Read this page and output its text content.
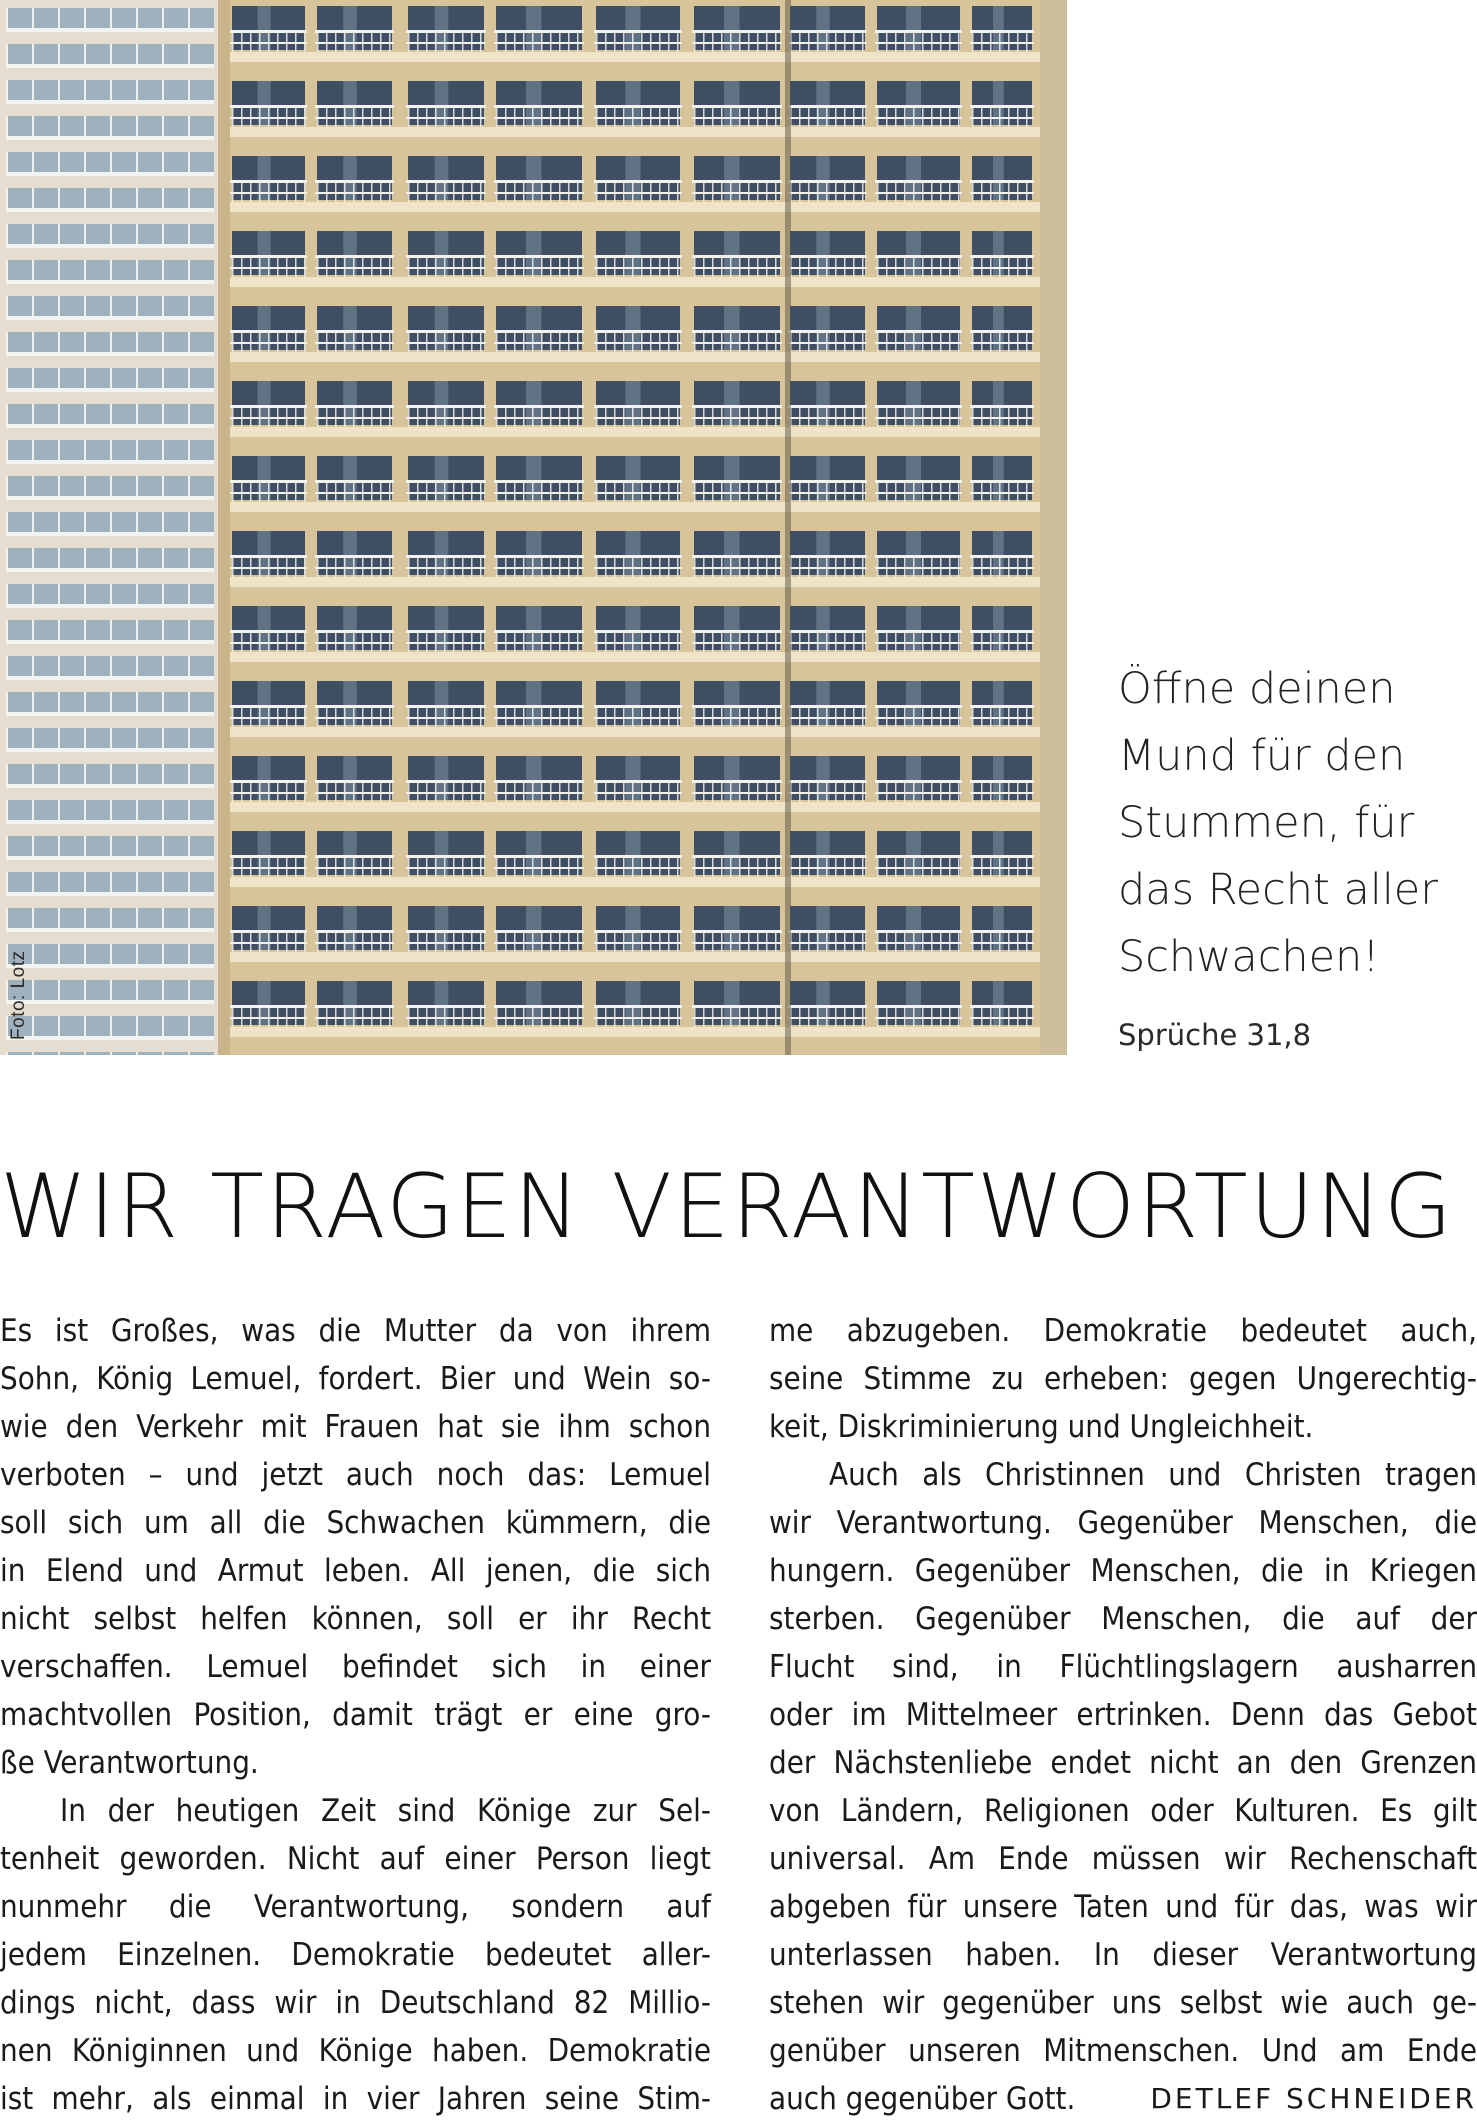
Foto: Lotz

Öffne deinen
Mund für den
Stummen, für
das Recht aller
Schwachen!

Sprüche 31,8
WIR TRAGEN VERANTWORTUNG
Es ist Großes, was die Mutter da von ihrem
Sohn, König Lemuel, fordert. Bier und Wein so-
wie den Verkehr mit Frauen hat sie ihm schon
verboten – und jetzt auch noch das: Lemuel
soll sich um all die Schwachen kümmern, die
in Elend und Armut leben. All jenen, die sich
nicht selbst helfen können, soll er ihr Recht
verschaffen. Lemuel befindet sich in einer
machtvollen Position, damit trägt er eine gro-
ße Verantwortung.
In der heutigen Zeit sind Könige zur Sel-
tenheit geworden. Nicht auf einer Person liegt
nunmehr die Verantwortung, sondern auf
jedem Einzelnen. Demokratie bedeutet aller-
dings nicht, dass wir in Deutschland 82 Millio-
nen Königinnen und Könige haben. Demokratie
ist mehr, als einmal in vier Jahren seine Stim-
me abzugeben. Demokratie bedeutet auch,
seine Stimme zu erheben: gegen Ungerechtig-
keit, Diskriminierung und Ungleichheit.
Auch als Christinnen und Christen tragen
wir Verantwortung. Gegenüber Menschen, die
hungern. Gegenüber Menschen, die in Kriegen
sterben. Gegenüber Menschen, die auf der
Flucht sind, in Flüchtlingslagern ausharren
oder im Mittelmeer ertrinken. Denn das Gebot
der Nächstenliebe endet nicht an den Grenzen
von Ländern, Religionen oder Kulturen. Es gilt
universal. Am Ende müssen wir Rechenschaft
abgeben für unsere Taten und für das, was wir
unterlassen haben. In dieser Verantwortung
stehen wir gegenüber uns selbst wie auch ge-
genüber unseren Mitmenschen. Und am Ende
auch gegenüber Gott.	DETLEF SCHNEIDER
